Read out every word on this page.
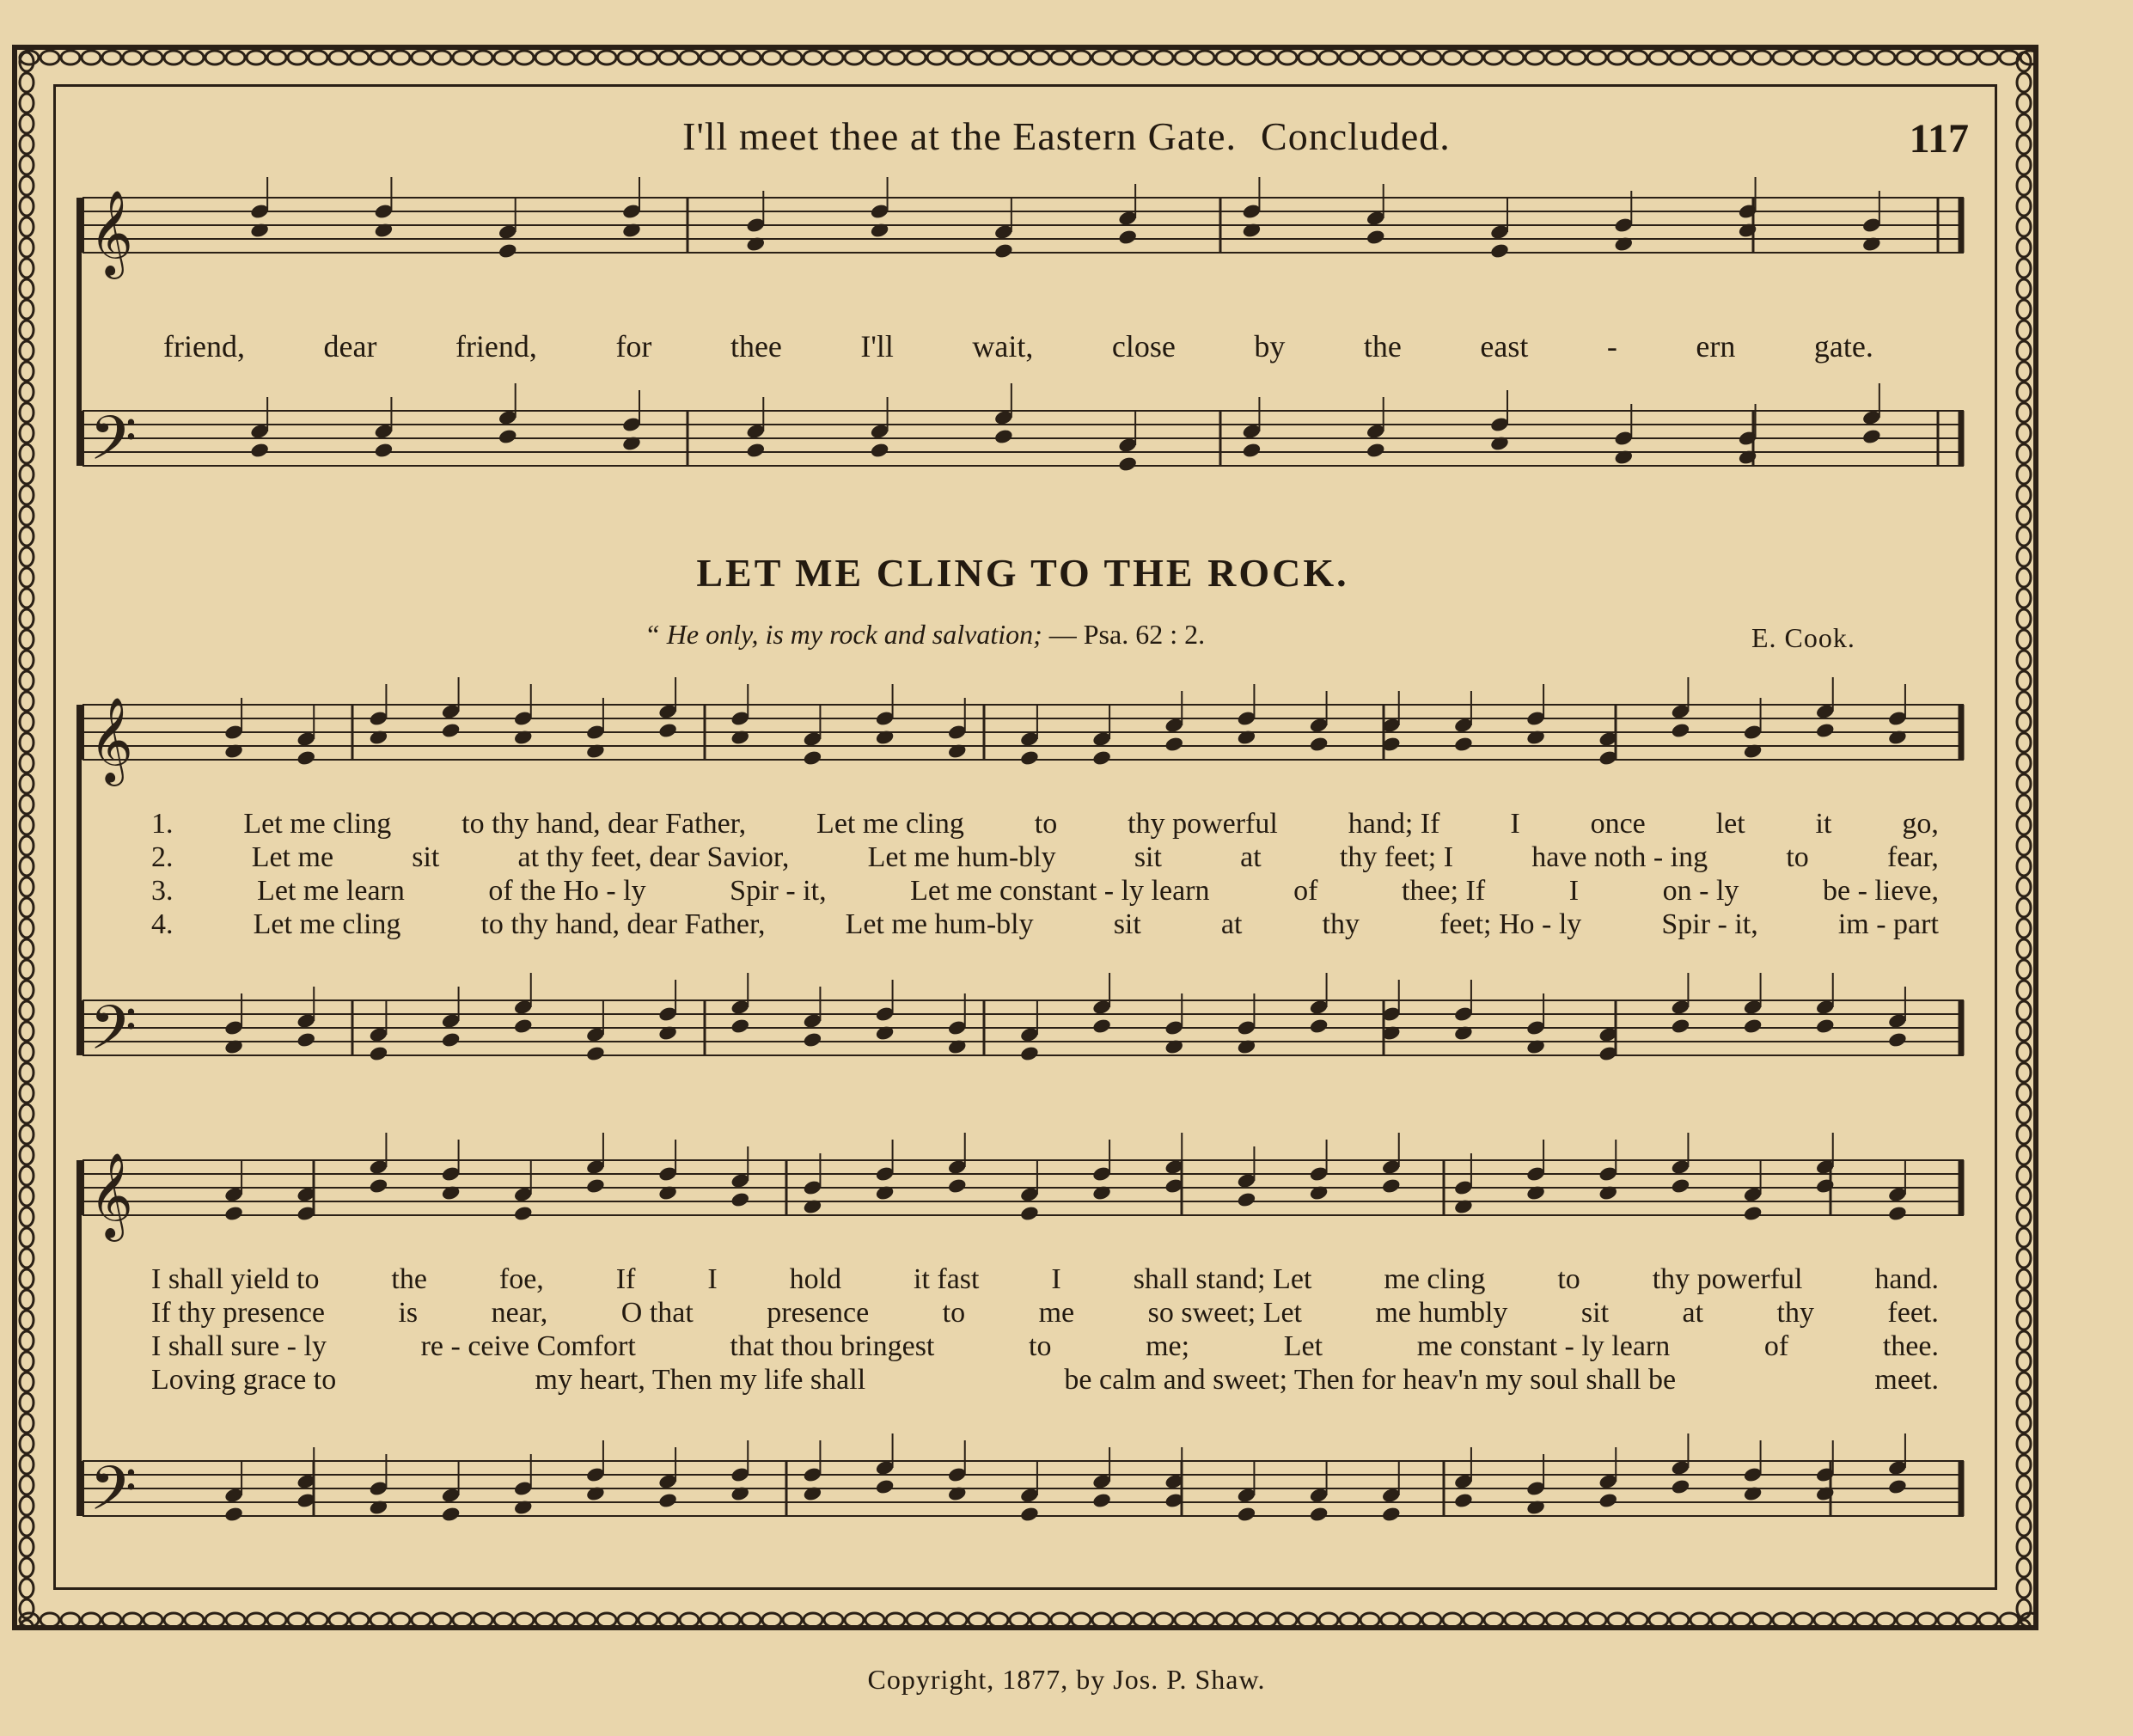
I'll meet thee at the Eastern Gate. Concluded.	117
𝄞
𝄢
𝄞
𝄢
𝄞
𝄢
friend,	dear	friend,	for	thee	I'll	wait,	close	by	the	east	-	ern	gate.
LET ME CLING TO THE ROCK.
“ He only, is my rock and salvation; — Psa. 62 : 2.	E. Cook.
1. Let me cling to thy hand, dear Father, Let me cling to thy powerful hand; If I once let it go,
2.	Let me	sit	at thy feet, dear Savior,	Let me hum-bly	sit	at	thy feet; I	have noth - ing	to	fear,
3.	Let me learn	of the Ho - ly	Spir - it,	Let me constant - ly learn	of	thee; If	I	on - ly	be - lieve,
4.	Let me cling	to thy hand, dear Father,	Let me hum-bly	sit	at	thy	feet; Ho - ly	Spir - it,	im - part
I shall yield to the foe, If I hold it fast I shall stand; Let me cling to thy powerful hand.
If thy presence	is	near,	O that	presence	to	me	so sweet; Let	me humbly	sit	at	thy	feet.
I shall sure - ly	re - ceive Comfort	that thou bringest	to	me;	Let	me constant - ly learn	of	thee.
Loving grace to	my heart, Then my life shall	be calm and sweet; Then for heav'n my soul shall be	meet.
Copyright, 1877, by Jos. P. Shaw.
